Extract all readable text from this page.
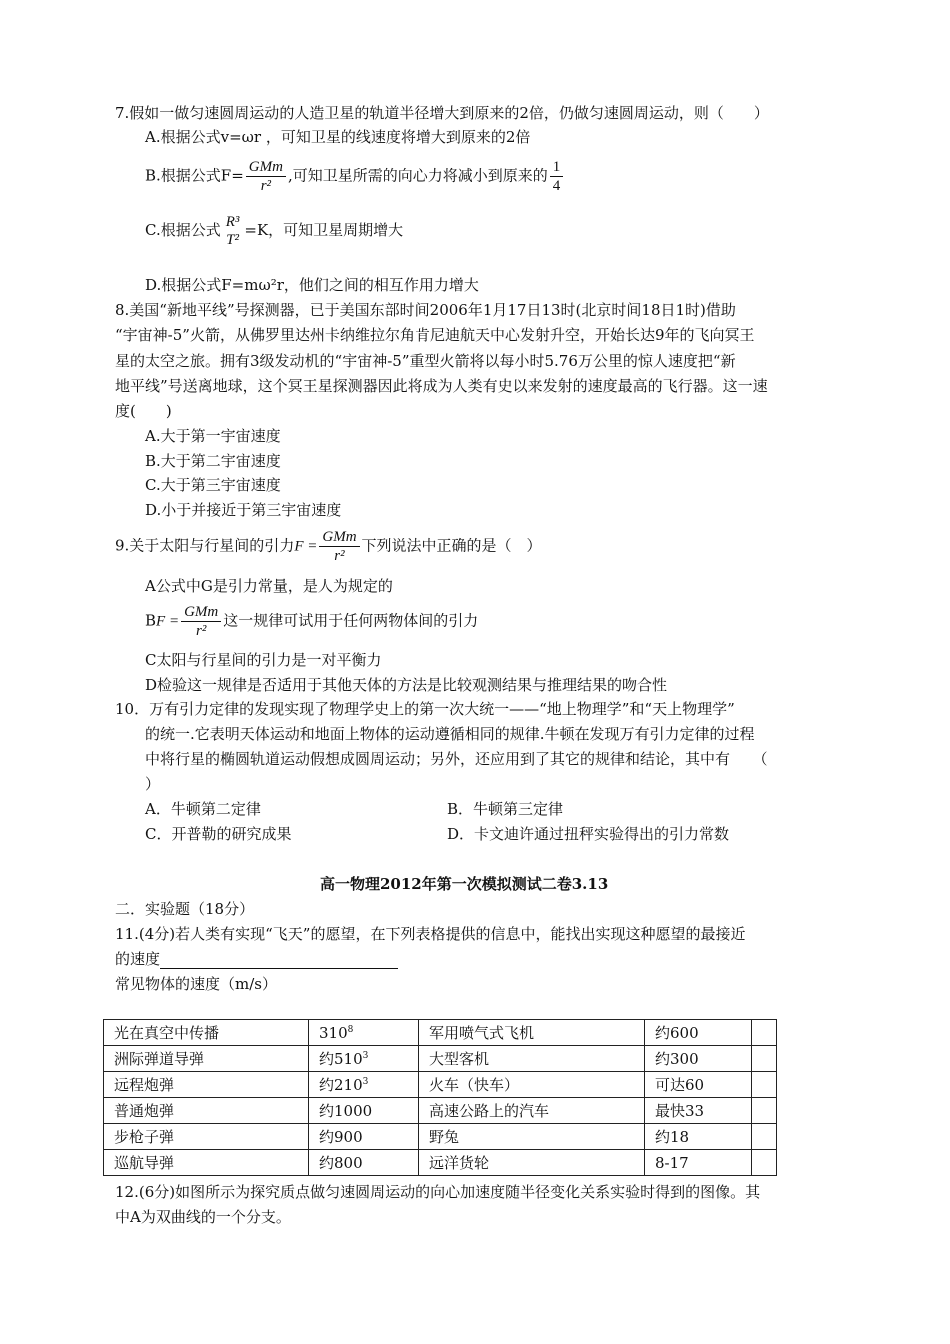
7.假如一做匀速圆周运动的人造卫星的轨道半径增大到原来的2倍，仍做匀速圆周运动，则（　　）
A.根据公式v=ωr ，可知卫星的线速度将增大到原来的2倍
B.根据公式$F= \frac{\text{GMm}}{\text{r²}}$ ,可知卫星所需的向心力将减小到原来的 $\frac{1}{4}$
C.根据公式 R³
T²
=K，可知卫星周期增大
D.根据公式F=mω²r，他们之间的相互作用力增大
8.美国“新地平线”号探测器，已于美国东部时间2006年1月17日13时(北京时间18日1时)借助
“宇宙神-5”火箭，从佛罗里达州卡纳维拉尔角肯尼迪航天中心发射升空，开始长达9年的飞向冥王
星的太空之旅。拥有3级发动机的“宇宙神-5”重型火箭将以每小时5.76万公里的惊人速度把“新
地平线”号送离地球，这个冥王星探测器因此将成为人类有史以来发射的速度最高的飞行器。这一速
度(　　)
A.大于第一宇宙速度
B.大于第二宇宙速度
C.大于第三宇宙速度
D.小于并接近于第三宇宙速度
9.关于太阳与行星间的引力$F = \frac{\text{GMm}}{\text{r²}}$ 下列说法中正确的是（　）
A公式中G是引力常量，是人为规定的
BF = $\frac{\text{GMm}}{\text{r²}}$ 这一规律可试用于任何两物体间的引力
C太阳与行星间的引力是一对平衡力
D检验这一规律是否适用于其他天体的方法是比较观测结果与推理结果的吻合性
10．万有引力定律的发现实现了物理学史上的第一次大统一——“地上物理学”和“天上物理学”
的统一.它表明天体运动和地面上物体的运动遵循相同的规律.牛顿在发现万有引力定律的过程
中将行星的椭圆轨道运动假想成圆周运动；另外，还应用到了其它的规律和结论，其中有　　（
）
A．牛顿第二定律	B．牛顿第三定律
C．开普勒的研究成果	D．卡文迪许通过扭秤实验得出的引力常数
高一物理2012年第一次模拟测试二卷3.13
二．实验题（18分）
11.(4分)若人类有实现“飞天”的愿望，在下列表格提供的信息中，能找出实现这种愿望的最接近
的速度
常见物体的速度（m/s）
光在真空中传播	$310^8$	军用喷气式飞机	约600	
洲际弹道导弹	约$510^3$	大型客机	约300	
远程炮弹	约$210^3$	火车（快车）	可达60	
普通炮弹	约1000	高速公路上的汽车	最快33	
步枪子弹	约900	野兔	约18	
巡航导弹	约800	远洋货轮	8-17	
12.(6分)如图所示为探究质点做匀速圆周运动的向心加速度随半径变化关系实验时得到的图像。其
中A为双曲线的一个分支。
